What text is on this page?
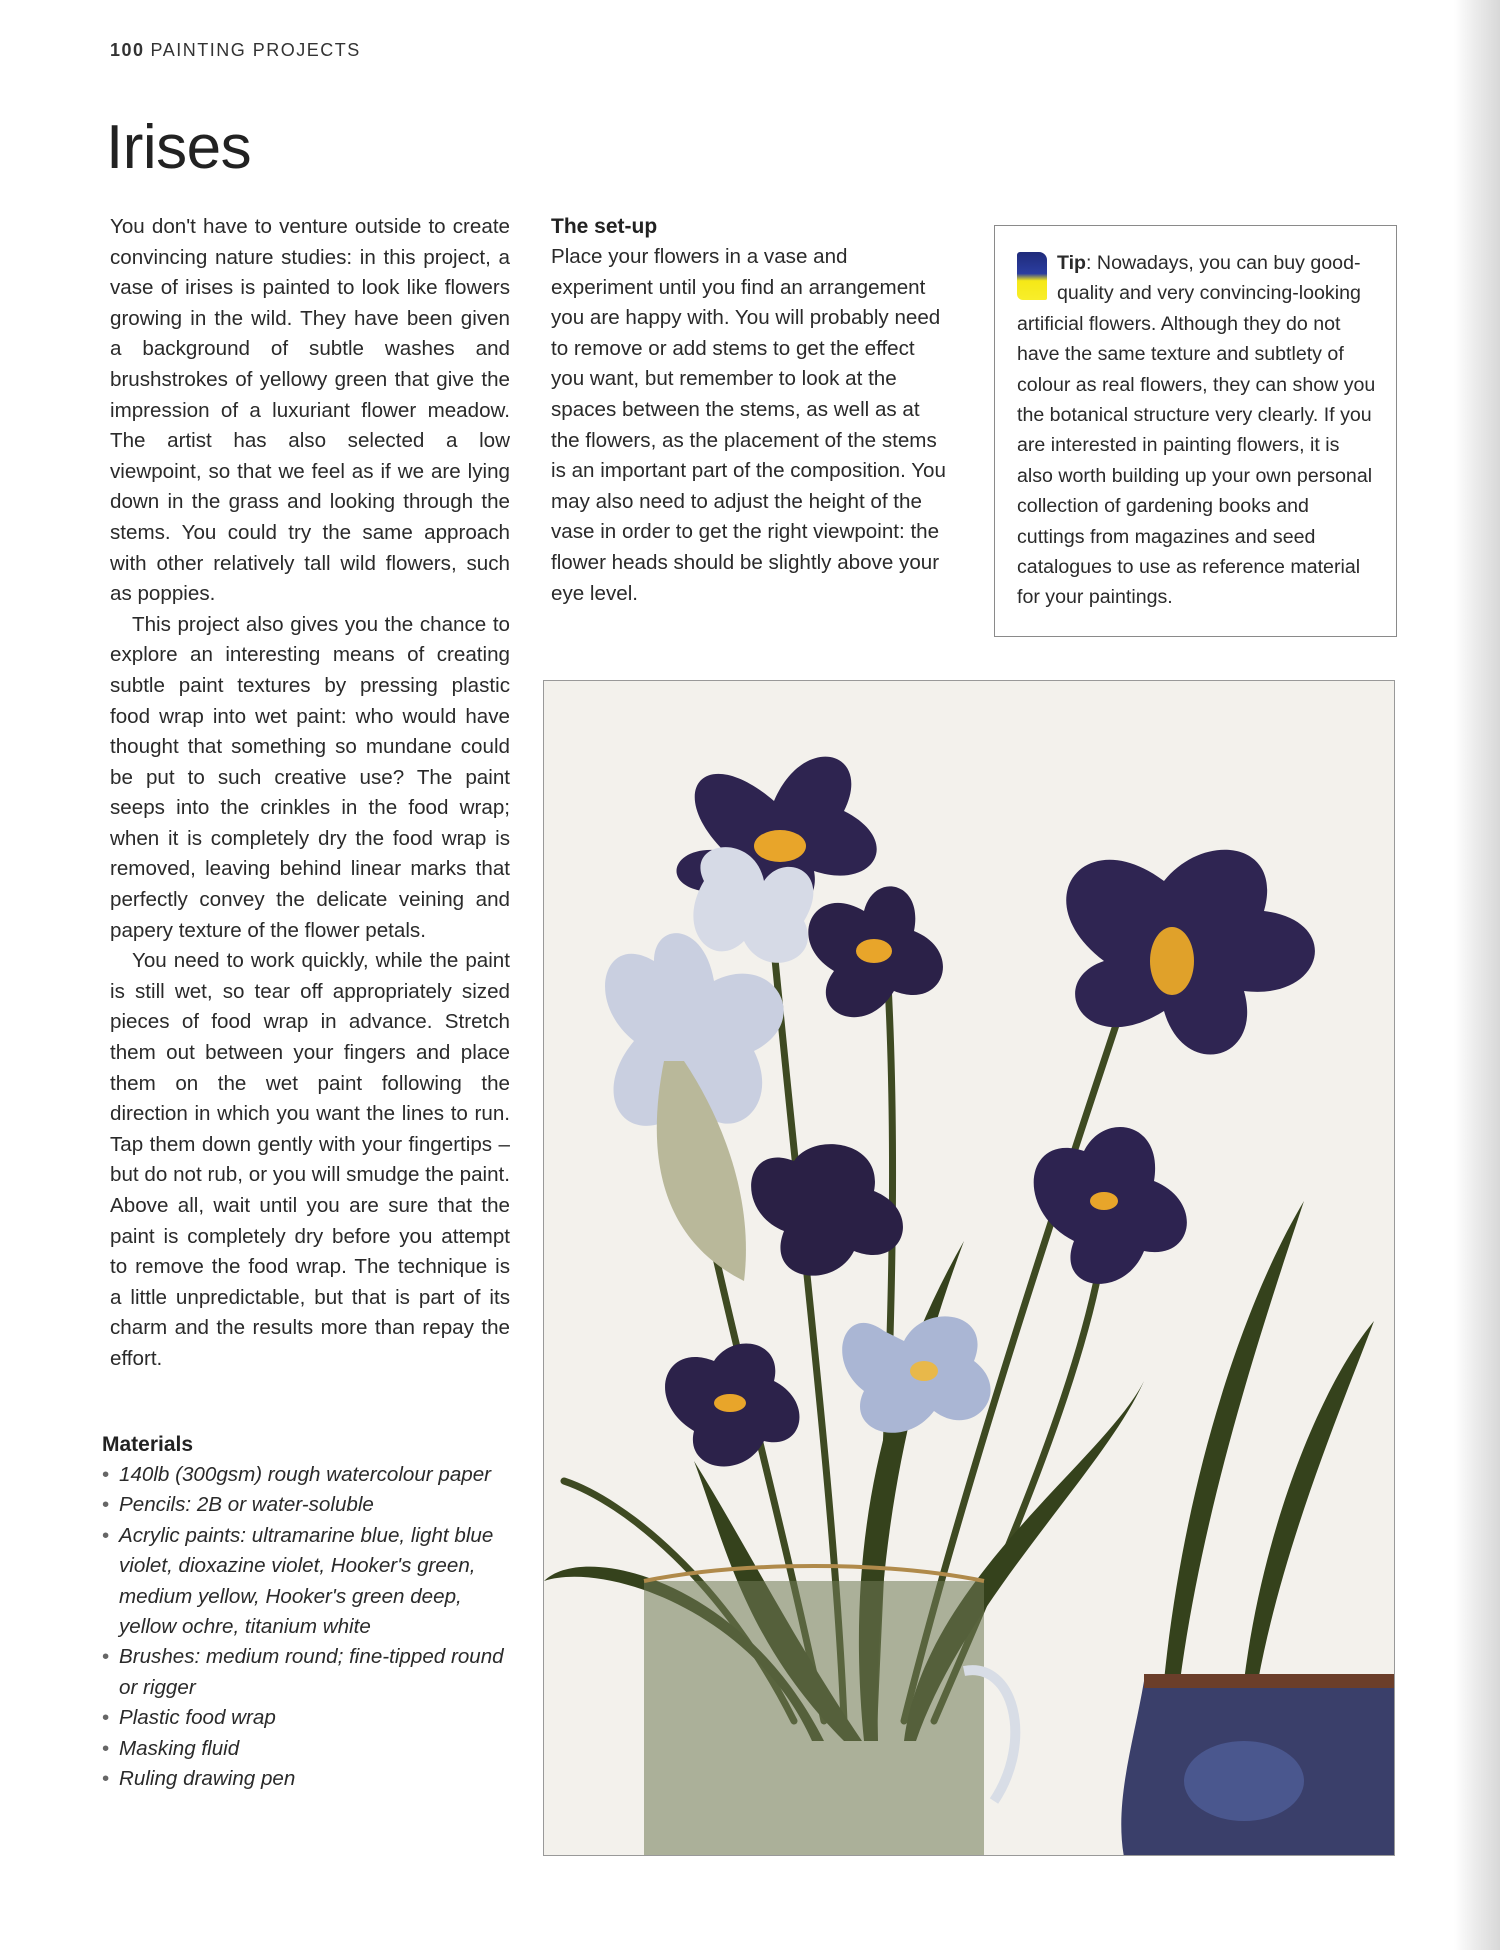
100 PAINTING PROJECTS
Irises

You don't have to venture outside to create convincing nature studies: in this project, a vase of irises is painted to look like flowers growing in the wild. They have been given a background of subtle washes and brushstrokes of yellowy green that give the impression of a luxuriant flower meadow. The artist has also selected a low viewpoint, so that we feel as if we are lying down in the grass and looking through the stems. You could try the same approach with other relatively tall wild flowers, such as poppies.

This project also gives you the chance to explore an interesting means of creating subtle paint textures by pressing plastic food wrap into wet paint: who would have thought that something so mundane could be put to such creative use? The paint seeps into the crinkles in the food wrap; when it is completely dry the food wrap is removed, leaving behind linear marks that perfectly convey the delicate veining and papery texture of the flower petals.

You need to work quickly, while the paint is still wet, so tear off appropriately sized pieces of food wrap in advance. Stretch them out between your fingers and place them on the wet paint following the direction in which you want the lines to run. Tap them down gently with your fingertips – but do not rub, or you will smudge the paint. Above all, wait until you are sure that the paint is completely dry before you attempt to remove the food wrap. The technique is a little unpredictable, but that is part of its charm and the results more than repay the effort.

The set-up

Place your flowers in a vase and experiment until you find an arrangement you are happy with. You will probably need to remove or add stems to get the effect you want, but remember to look at the spaces between the stems, as well as at the flowers, as the placement of the stems is an important part of the composition. You may also need to adjust the height of the vase in order to get the right viewpoint: the flower heads should be slightly above your eye level.

Tip: Nowadays, you can buy good-quality and very convincing-looking artificial flowers. Although they do not have the same texture and subtlety of colour as real flowers, they can show you the botanical structure very clearly. If you are interested in painting flowers, it is also worth building up your own personal collection of gardening books and cuttings from magazines and seed catalogues to use as reference material for your paintings.
Materials
• 140lb (300gsm) rough watercolour paper
• Pencils: 2B or water-soluble
• Acrylic paints: ultramarine blue, light blue violet, dioxazine violet, Hooker's green, medium yellow, Hooker's green deep, yellow ochre, titanium white
• Brushes: medium round; fine-tipped round or rigger
• Plastic food wrap
• Masking fluid
• Ruling drawing pen
